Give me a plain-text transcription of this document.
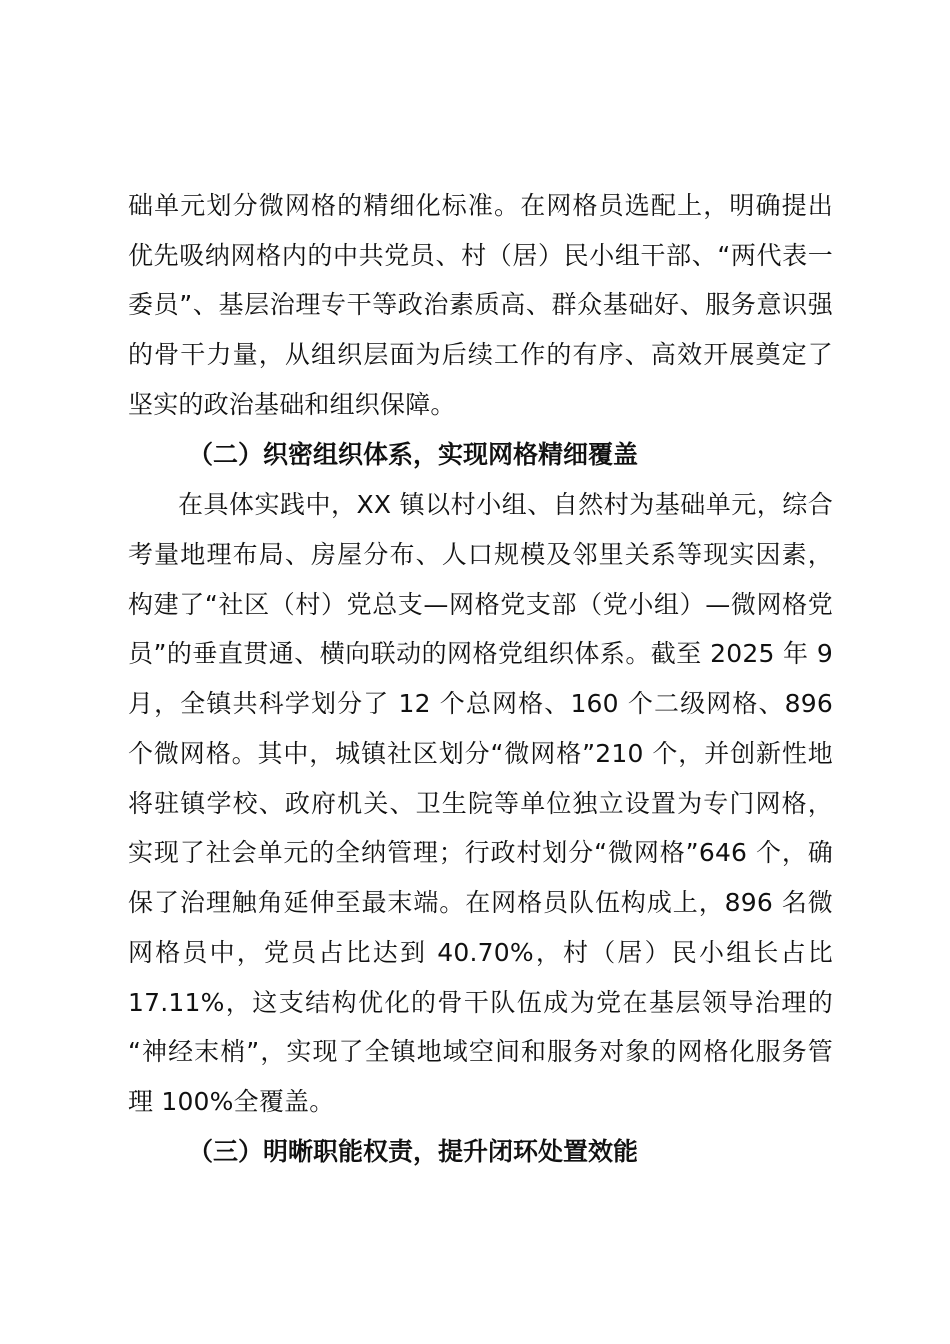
础单元划分微网格的精细化标准。在网格员选配上，明确提出
优先吸纳网格内的中共党员、村（居）民小组干部、“两代表一
委员”、基层治理专干等政治素质高、群众基础好、服务意识强
的骨干力量，从组织层面为后续工作的有序、高效开展奠定了
坚实的政治基础和组织保障。
（二）织密组织体系，实现网格精细覆盖
在具体实践中，XX 镇以村小组、自然村为基础单元，综合
考量地理布局、房屋分布、人口规模及邻里关系等现实因素，
构建了“社区（村）党总支—网格党支部（党小组）—微网格党
员”的垂直贯通、横向联动的网格党组织体系。截至 2025 年 9
月，全镇共科学划分了 12 个总网格、160 个二级网格、896
个微网格。其中，城镇社区划分“微网格”210 个，并创新性地
将驻镇学校、政府机关、卫生院等单位独立设置为专门网格，
实现了社会单元的全纳管理；行政村划分“微网格”646 个，确
保了治理触角延伸至最末端。在网格员队伍构成上，896 名微
网格员中，党员占比达到 40.70%，村（居）民小组长占比
17.11%，这支结构优化的骨干队伍成为党在基层领导治理的
“神经末梢”，实现了全镇地域空间和服务对象的网格化服务管
理 100%全覆盖。
（三）明晰职能权责，提升闭环处置效能
